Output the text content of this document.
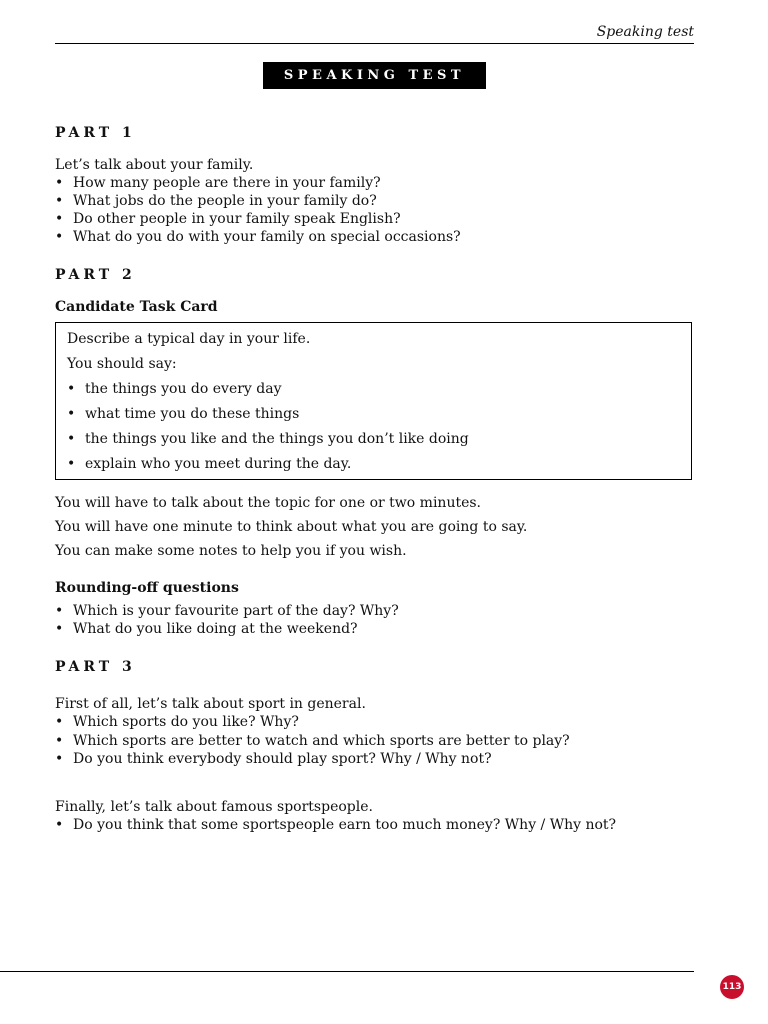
Speaking test
SPEAKING TEST
PART 1
Let’s talk about your family.
• How many people are there in your family?
• What jobs do the people in your family do?
• Do other people in your family speak English?
• What do you do with your family on special occasions?
PART 2
Candidate Task Card
Describe a typical day in your life.
You should say:
• the things you do every day
• what time you do these things
• the things you like and the things you don’t like doing
• explain who you meet during the day.
You will have to talk about the topic for one or two minutes.
You will have one minute to think about what you are going to say.
You can make some notes to help you if you wish.
Rounding-off questions
• Which is your favourite part of the day? Why?
• What do you like doing at the weekend?
PART 3
First of all, let’s talk about sport in general.
• Which sports do you like? Why?
• Which sports are better to watch and which sports are better to play?
• Do you think everybody should play sport? Why / Why not?
Finally, let’s talk about famous sportspeople.
• Do you think that some sportspeople earn too much money? Why / Why not?
113
